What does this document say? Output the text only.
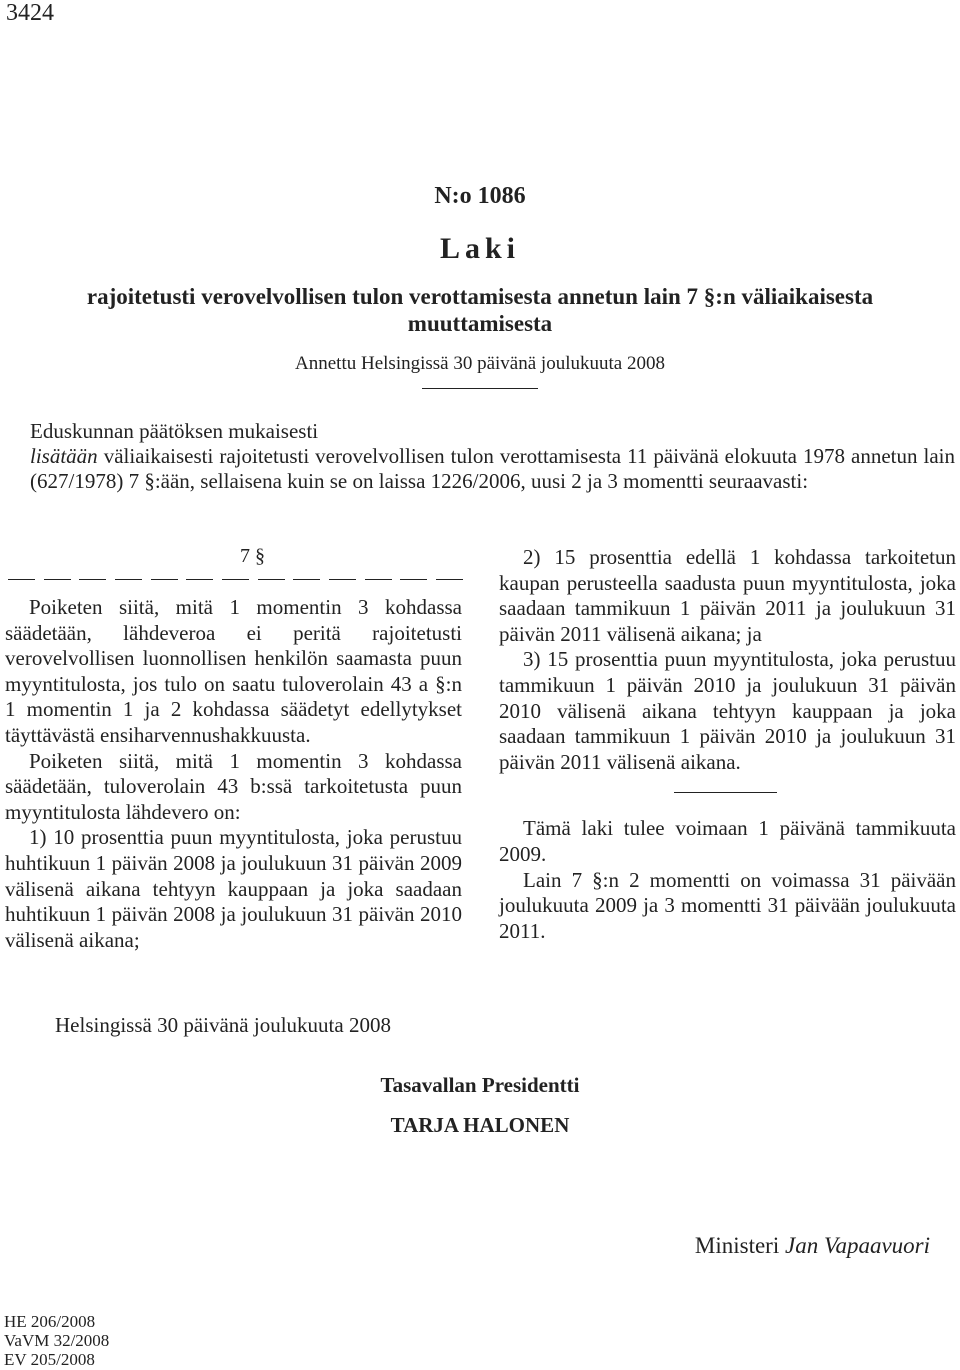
3424
N:o 1086
Laki
rajoitetusti verovelvollisen tulon verottamisesta annetun lain 7 §:n väliaikaisesta muuttamisesta
Annettu Helsingissä 30 päivänä joulukuuta 2008

Eduskunnan päätöksen mukaisesti

lisätään väliaikaisesti rajoitetusti verovelvollisen tulon verottamisesta 11 päivänä elokuuta 1978 annetun lain (627/1978) 7 §:ään, sellaisena kuin se on laissa 1226/2006, uusi 2 ja 3 momentti seuraavasti:

7 §

Poiketen siitä, mitä 1 momentin 3 kohdassa säädetään, lähdeveroa ei peritä rajoitetusti verovelvollisen luonnollisen henkilön saamasta puun myyntitulosta, jos tulo on saatu tuloverolain 43 a §:n 1 momentin 1 ja 2 kohdassa säädetyt edellytykset täyttävästä ensiharvennushakkuusta.

Poiketen siitä, mitä 1 momentin 3 kohdassa säädetään, tuloverolain 43 b:ssä tarkoitetusta puun myyntitulosta lähdevero on:

1) 10 prosenttia puun myyntitulosta, joka perustuu huhtikuun 1 päivän 2008 ja joulukuun 31 päivän 2009 välisenä aikana tehtyyn kauppaan ja joka saadaan huhtikuun 1 päivän 2008 ja joulukuun 31 päivän 2010 välisenä aikana;

2) 15 prosenttia edellä 1 kohdassa tarkoitetun kaupan perusteella saadusta puun myyntitulosta, joka saadaan tammikuun 1 päivän 2011 ja joulukuun 31 päivän 2011 välisenä aikana; ja

3) 15 prosenttia puun myyntitulosta, joka perustuu tammikuun 1 päivän 2010 ja joulukuun 31 päivän 2010 välisenä aikana tehtyyn kauppaan ja joka saadaan tammikuun 1 päivän 2010 ja joulukuun 31 päivän 2011 välisenä aikana.

Tämä laki tulee voimaan 1 päivänä tammikuuta 2009.

Lain 7 §:n 2 momentti on voimassa 31 päivään joulukuuta 2009 ja 3 momentti 31 päivään joulukuuta 2011.

Helsingissä 30 päivänä joulukuuta 2008
Tasavallan Presidentti
TARJA HALONEN
Ministeri Jan Vapaavuori
HE 206/2008
VaVM 32/2008
EV 205/2008
